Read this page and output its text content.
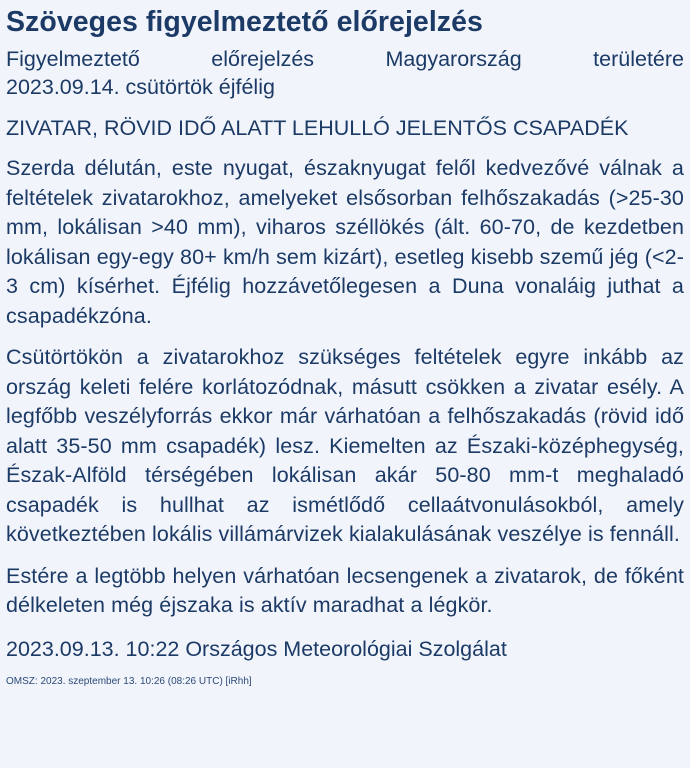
Szöveges figyelmeztető előrejelzés
Figyelmeztető előrejelzés Magyarország területére
2023.09.14. csütörtök éjfélig
ZIVATAR, RÖVID IDŐ ALATT LEHULLÓ JELENTŐS CSAPADÉK

Szerda délután, este nyugat, északnyugat felől kedvezővé válnak a feltételek zivatarokhoz, amelyeket elsősorban felhőszakadás (>25-30 mm, lokálisan >40 mm), viharos széllökés (ált. 60-70, de kezdetben lokálisan egy-egy 80+ km/h sem kizárt), esetleg kisebb szemű jég (<2-3 cm) kísérhet. Éjfélig hozzávetőlegesen a Duna vonaláig juthat a csapadékzóna.

Csütörtökön a zivatarokhoz szükséges feltételek egyre inkább az ország keleti felére korlátozódnak, másutt csökken a zivatar esély. A legfőbb veszélyforrás ekkor már várhatóan a felhőszakadás (rövid idő alatt 35-50 mm csapadék) lesz. Kiemelten az Északi-középhegység, Észak-Alföld térségében lokálisan akár 50-80 mm-t meghaladó csapadék is hullhat az ismétlődő cellaátvonulásokból, amely következtében lokális villámárvizek kialakulásának veszélye is fennáll.

Estére a legtöbb helyen várhatóan lecsengenek a zivatarok, de főként délkeleten még éjszaka is aktív maradhat a légkör.

2023.09.13. 10:22 Országos Meteorológiai Szolgálat
OMSZ: 2023. szeptember 13. 10:26 (08:26 UTC) [iRhh]
